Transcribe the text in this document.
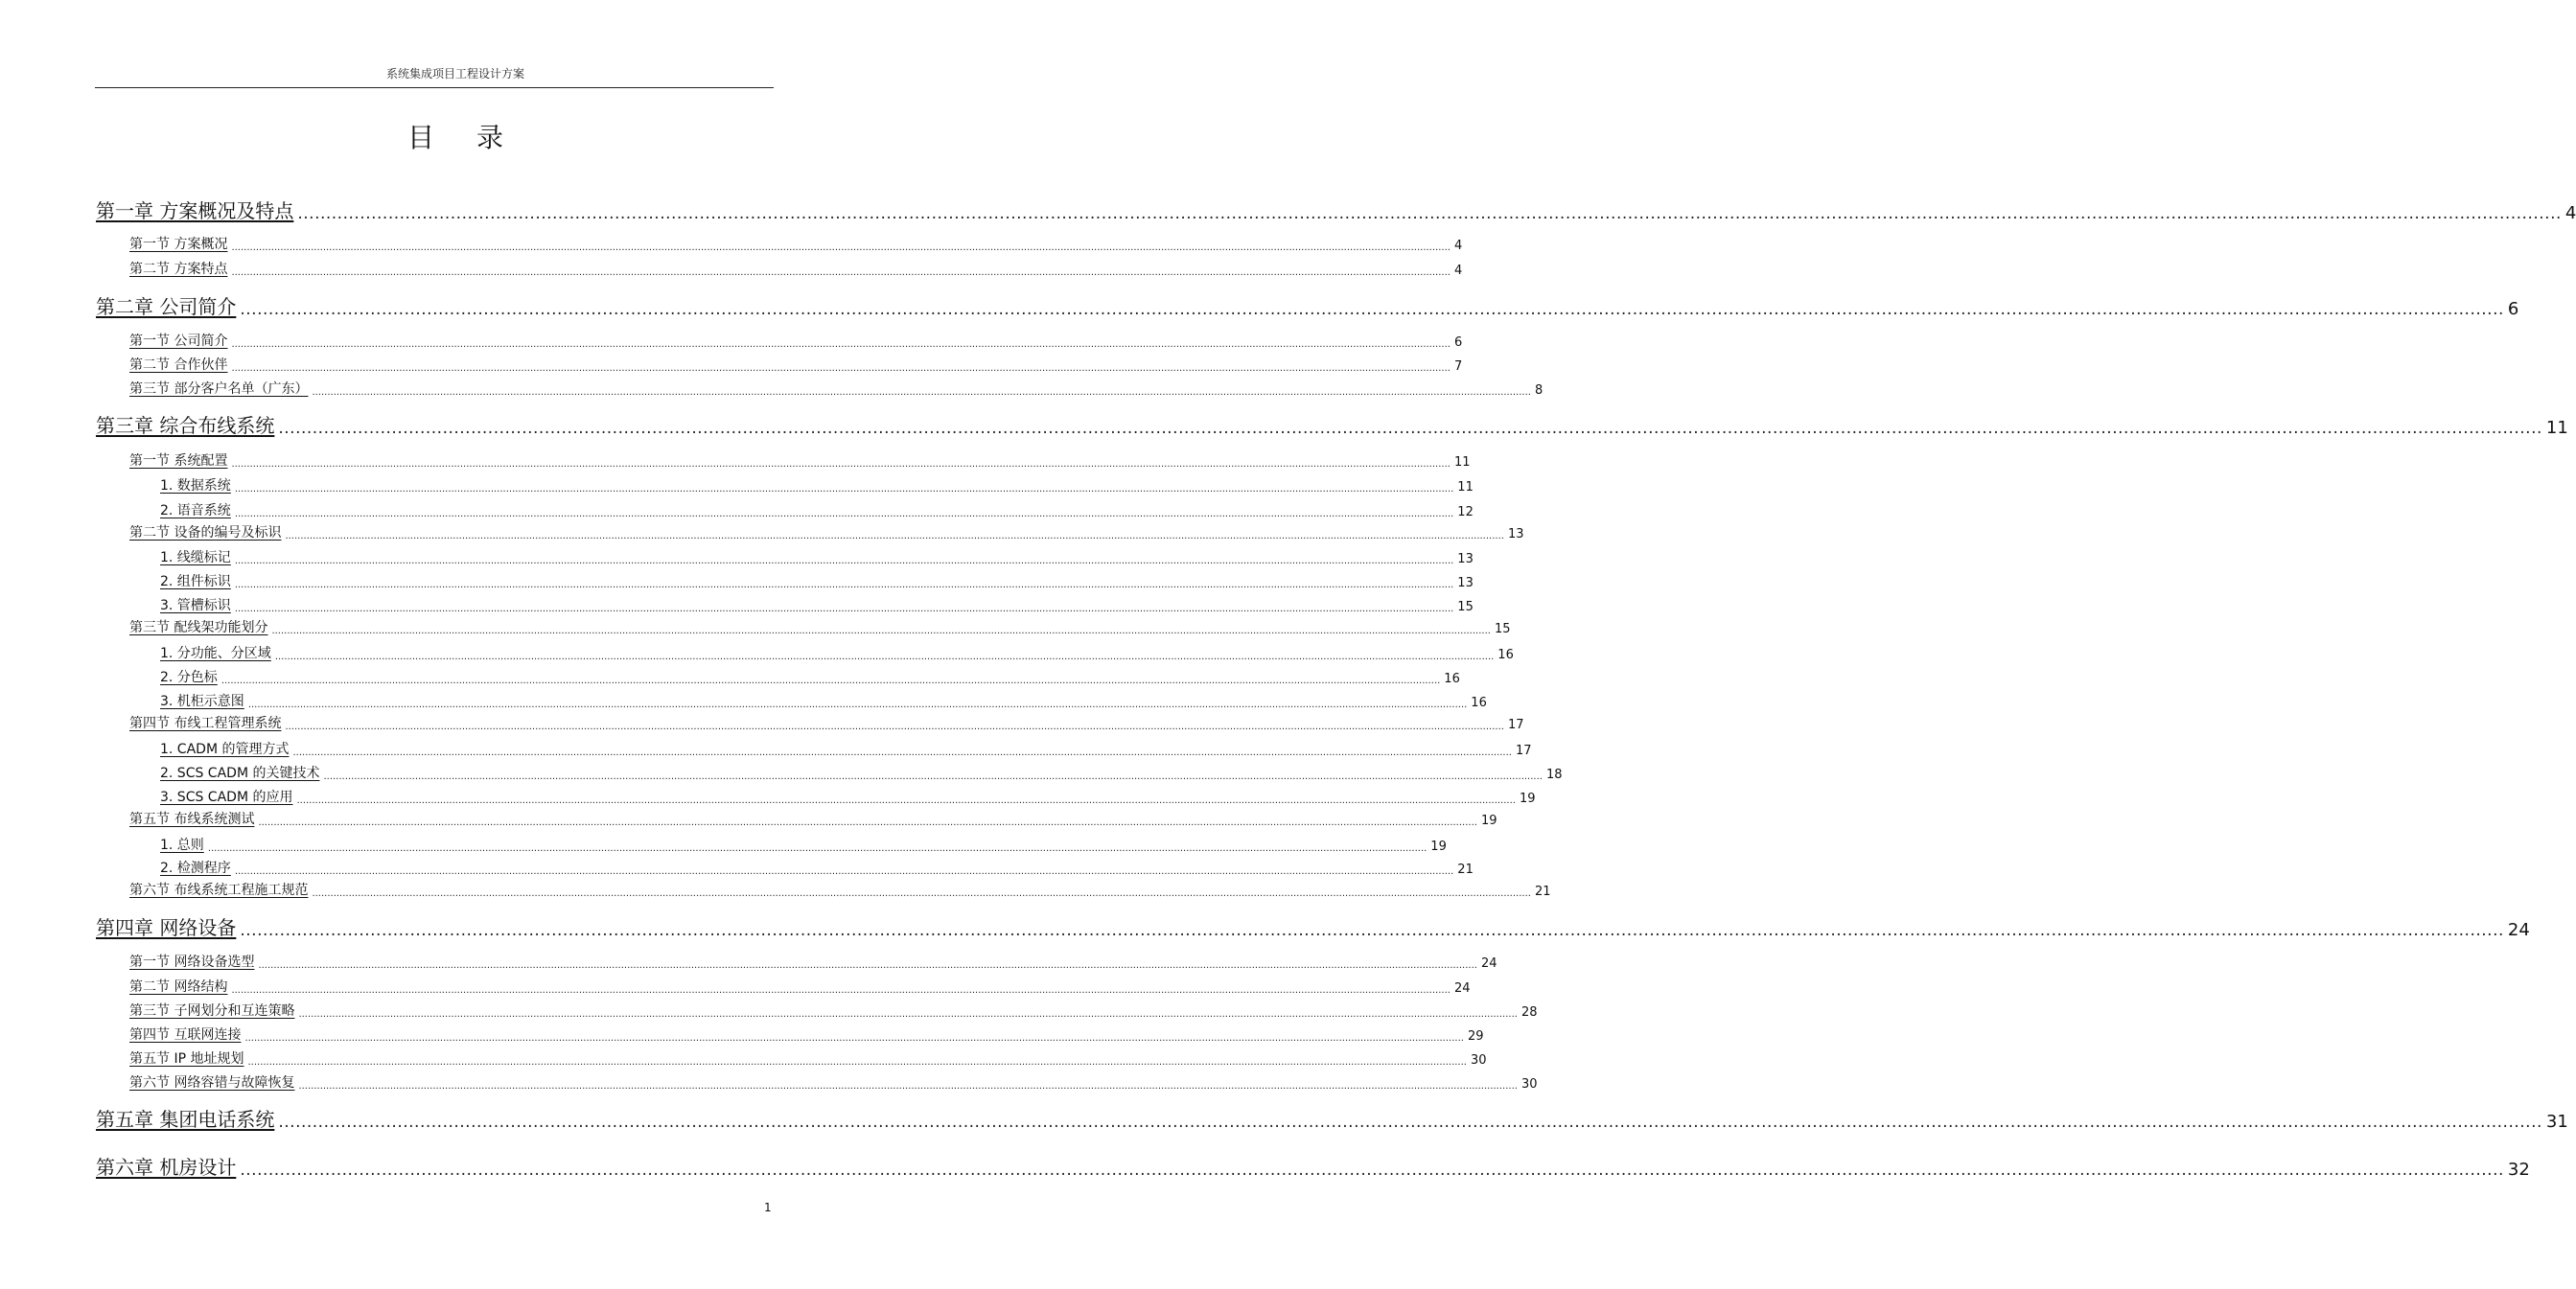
系统集成项目工程设计方案
目录
第一章 方案概况及特点 ................................................................................................................................................................................................................................................................................................................................................................................................................ 4
第一节 方案概况 ................................................................................................................................................................................................................................................................................................................................................................................................................ 4
第二节 方案特点 ................................................................................................................................................................................................................................................................................................................................................................................................................ 4
第二章 公司简介 ................................................................................................................................................................................................................................................................................................................................................................................................................ 6
第一节 公司简介 ................................................................................................................................................................................................................................................................................................................................................................................................................ 6
第二节 合作伙伴 ................................................................................................................................................................................................................................................................................................................................................................................................................ 7
第三节 部分客户名单（广东） ................................................................................................................................................................................................................................................................................................................................................................................................................ 8
第三章 综合布线系统 ................................................................................................................................................................................................................................................................................................................................................................................................................ 11
第一节 系统配置 ................................................................................................................................................................................................................................................................................................................................................................................................................ 11
1. 数据系统 ................................................................................................................................................................................................................................................................................................................................................................................................................ 11
2. 语音系统 ................................................................................................................................................................................................................................................................................................................................................................................................................ 12
第二节 设备的编号及标识 ................................................................................................................................................................................................................................................................................................................................................................................................................ 13
1. 线缆标记 ................................................................................................................................................................................................................................................................................................................................................................................................................ 13
2. 组件标识 ................................................................................................................................................................................................................................................................................................................................................................................................................ 13
3. 管槽标识 ................................................................................................................................................................................................................................................................................................................................................................................................................ 15
第三节 配线架功能划分 ................................................................................................................................................................................................................................................................................................................................................................................................................ 15
1. 分功能、分区域 ................................................................................................................................................................................................................................................................................................................................................................................................................ 16
2. 分色标 ................................................................................................................................................................................................................................................................................................................................................................................................................ 16
3. 机柜示意图 ................................................................................................................................................................................................................................................................................................................................................................................................................ 16
第四节 布线工程管理系统 ................................................................................................................................................................................................................................................................................................................................................................................................................ 17
1. CADM 的管理方式 ................................................................................................................................................................................................................................................................................................................................................................................................................ 17
2. SCS CADM 的关键技术 ................................................................................................................................................................................................................................................................................................................................................................................................................ 18
3. SCS CADM 的应用 ................................................................................................................................................................................................................................................................................................................................................................................................................ 19
第五节 布线系统测试 ................................................................................................................................................................................................................................................................................................................................................................................................................ 19
1. 总则 ................................................................................................................................................................................................................................................................................................................................................................................................................ 19
2. 检测程序 ................................................................................................................................................................................................................................................................................................................................................................................................................ 21
第六节 布线系统工程施工规范 ................................................................................................................................................................................................................................................................................................................................................................................................................ 21
第四章 网络设备 ................................................................................................................................................................................................................................................................................................................................................................................................................ 24
第一节 网络设备选型 ................................................................................................................................................................................................................................................................................................................................................................................................................ 24
第二节 网络结构 ................................................................................................................................................................................................................................................................................................................................................................................................................ 24
第三节 子网划分和互连策略 ................................................................................................................................................................................................................................................................................................................................................................................................................ 28
第四节 互联网连接 ................................................................................................................................................................................................................................................................................................................................................................................................................ 29
第五节 IP 地址规划 ................................................................................................................................................................................................................................................................................................................................................................................................................ 30
第六节 网络容错与故障恢复 ................................................................................................................................................................................................................................................................................................................................................................................................................ 30
第五章 集团电话系统 ................................................................................................................................................................................................................................................................................................................................................................................................................ 31
第六章 机房设计 ................................................................................................................................................................................................................................................................................................................................................................................................................ 32
1
